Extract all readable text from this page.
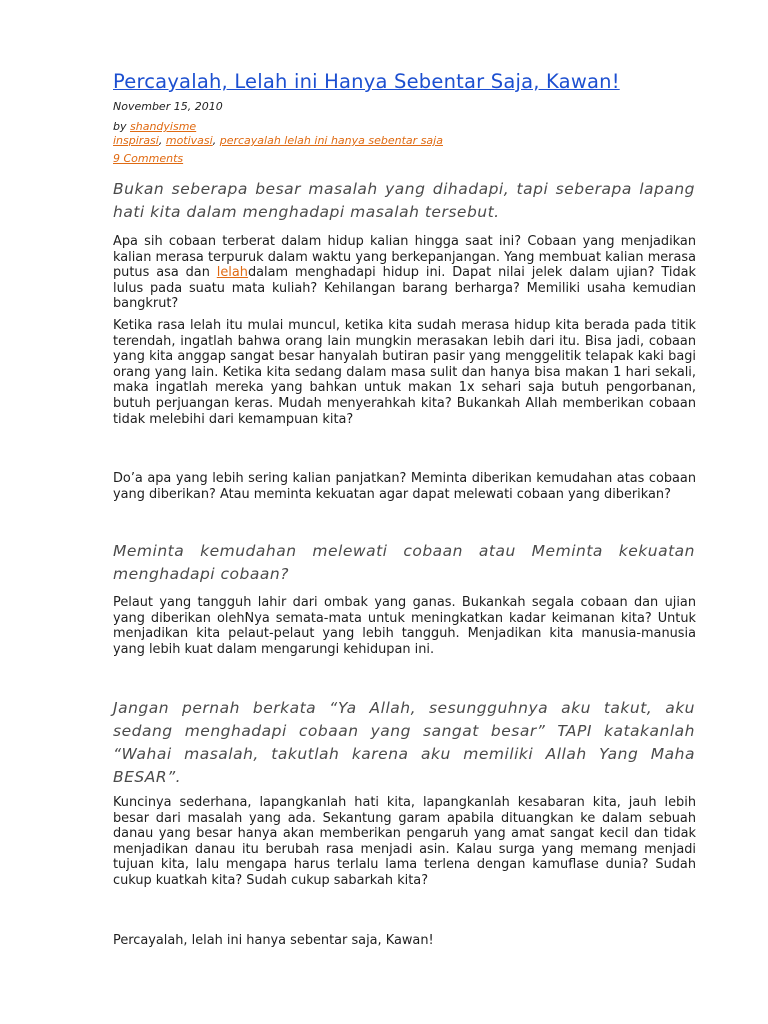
Percayalah, Lelah ini Hanya Sebentar Saja, Kawan!
November 15, 2010
by shandyisme
inspirasi, motivasi, percayalah lelah ini hanya sebentar saja
9 Comments

Bukan seberapa besar masalah yang dihadapi, tapi seberapa lapang hati kita dalam menghadapi masalah tersebut.

Apa sih cobaan terberat dalam hidup kalian hingga saat ini? Cobaan yang menjadikan kalian merasa terpuruk dalam waktu yang berkepanjangan. Yang membuat kalian merasa putus asa dan lelahdalam menghadapi hidup ini. Dapat nilai jelek dalam ujian? Tidak lulus pada suatu mata kuliah? Kehilangan barang berharga? Memiliki usaha kemudian bangkrut?

Ketika rasa lelah itu mulai muncul, ketika kita sudah merasa hidup kita berada pada titik terendah, ingatlah bahwa orang lain mungkin merasakan lebih dari itu. Bisa jadi, cobaan yang kita anggap sangat besar hanyalah butiran pasir yang menggelitik telapak kaki bagi orang yang lain. Ketika kita sedang dalam masa sulit dan hanya bisa makan 1 hari sekali, maka ingatlah mereka yang bahkan untuk makan 1x sehari saja butuh pengorbanan, butuh perjuangan keras. Mudah menyerahkah kita? Bukankah Allah memberikan cobaan tidak melebihi dari kemampuan kita?

Do’a apa yang lebih sering kalian panjatkan? Meminta diberikan kemudahan atas cobaan yang diberikan? Atau meminta kekuatan agar dapat melewati cobaan yang diberikan?

Meminta kemudahan melewati cobaan atau Meminta kekuatan menghadapi cobaan?

Pelaut yang tangguh lahir dari ombak yang ganas. Bukankah segala cobaan dan ujian yang diberikan olehNya semata-mata untuk meningkatkan kadar keimanan kita? Untuk menjadikan kita pelaut-pelaut yang lebih tangguh. Menjadikan kita manusia-manusia yang lebih kuat dalam mengarungi kehidupan ini.

Jangan pernah berkata “Ya Allah, sesungguhnya aku takut, aku sedang menghadapi cobaan yang sangat besar” TAPI katakanlah “Wahai masalah, takutlah karena aku memiliki Allah Yang Maha BESAR”.

Kuncinya sederhana, lapangkanlah hati kita, lapangkanlah kesabaran kita, jauh lebih besar dari masalah yang ada. Sekantung garam apabila dituangkan ke dalam sebuah danau yang besar hanya akan memberikan pengaruh yang amat sangat kecil dan tidak menjadikan danau itu berubah rasa menjadi asin. Kalau surga yang memang menjadi tujuan kita, lalu mengapa harus terlalu lama terlena dengan kamuflase dunia? Sudah cukup kuatkah kita? Sudah cukup sabarkah kita?

Percayalah, lelah ini hanya sebentar saja, Kawan!
